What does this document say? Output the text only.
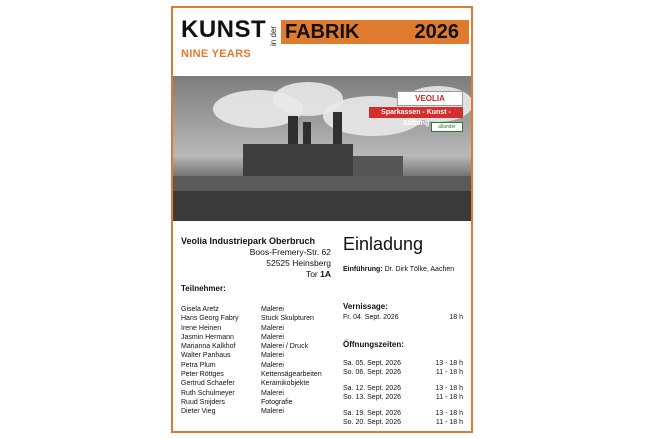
KUNST in der FABRIK	2026
NINE YEARS
VEOLIA
Sparkassen - Kunst - Stiftung	allander
Veolia Industriepark Oberbruch
Boos-Fremery-Str. 62
52525 Heinsberg
Tor 1A
Einladung
Einführung: Dr. Dirk Tölke, Aachen
Teilnehmer:
Gisela Aretz	Malerei
Hans Georg Fabry	Stuck Skulpturen
Irene Heinen	Malerei
Jasmin Hermann	Malerei
Marianna Kalkhof	Malerei / Druck
Walter Panhaus	Malerei
Petra Plum	Malerei
Peter Röttges	Kettensägearbeiten
Gertrud Schaefer	Keramikobjekte
Ruth Schulmeyer	Malerei
Ruud Snijders	Fotografie
Dieter Vieg	Malerei
Vernissage:
Fr. 04. Sept. 2026	18 h
Öffnungszeiten:
Sa. 05. Sept. 2026	13 - 18 h
So. 06. Sept. 2026	11 - 18 h
Sa. 12. Sept. 2026	13 - 18 h
So. 13. Sept. 2026	11 - 18 h
Sa. 19. Sept. 2026	13 - 18 h
So. 20. Sept. 2026	11 - 18 h
